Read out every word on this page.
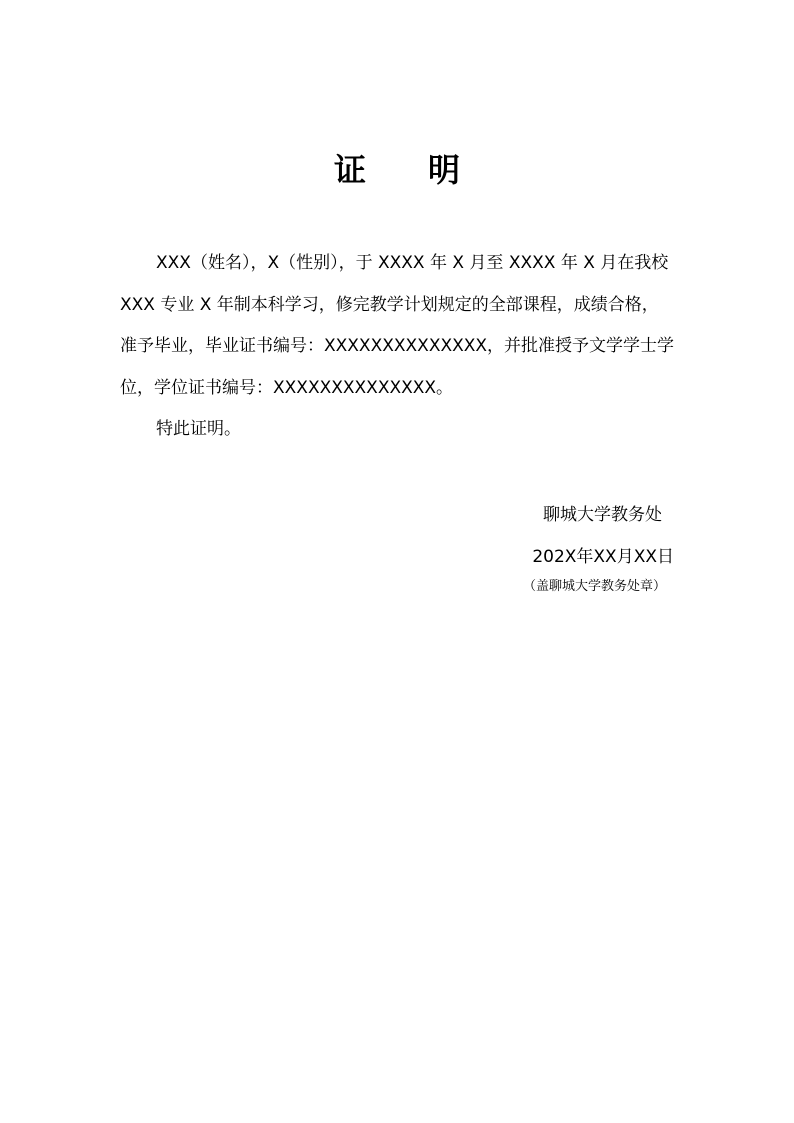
证 明
XXX（姓名），X（性别），于 XXXX 年 X 月至 XXXX 年 X 月在我校
XXX 专业 X 年制本科学习，修完教学计划规定的全部课程，成绩合格，
准予毕业，毕业证书编号：XXXXXXXXXXXXXX，并批准授予文学学士学
位，学位证书编号：XXXXXXXXXXXXXX。
特此证明。
聊城大学教务处
202X年XX月XX日
（盖聊城大学教务处章）
